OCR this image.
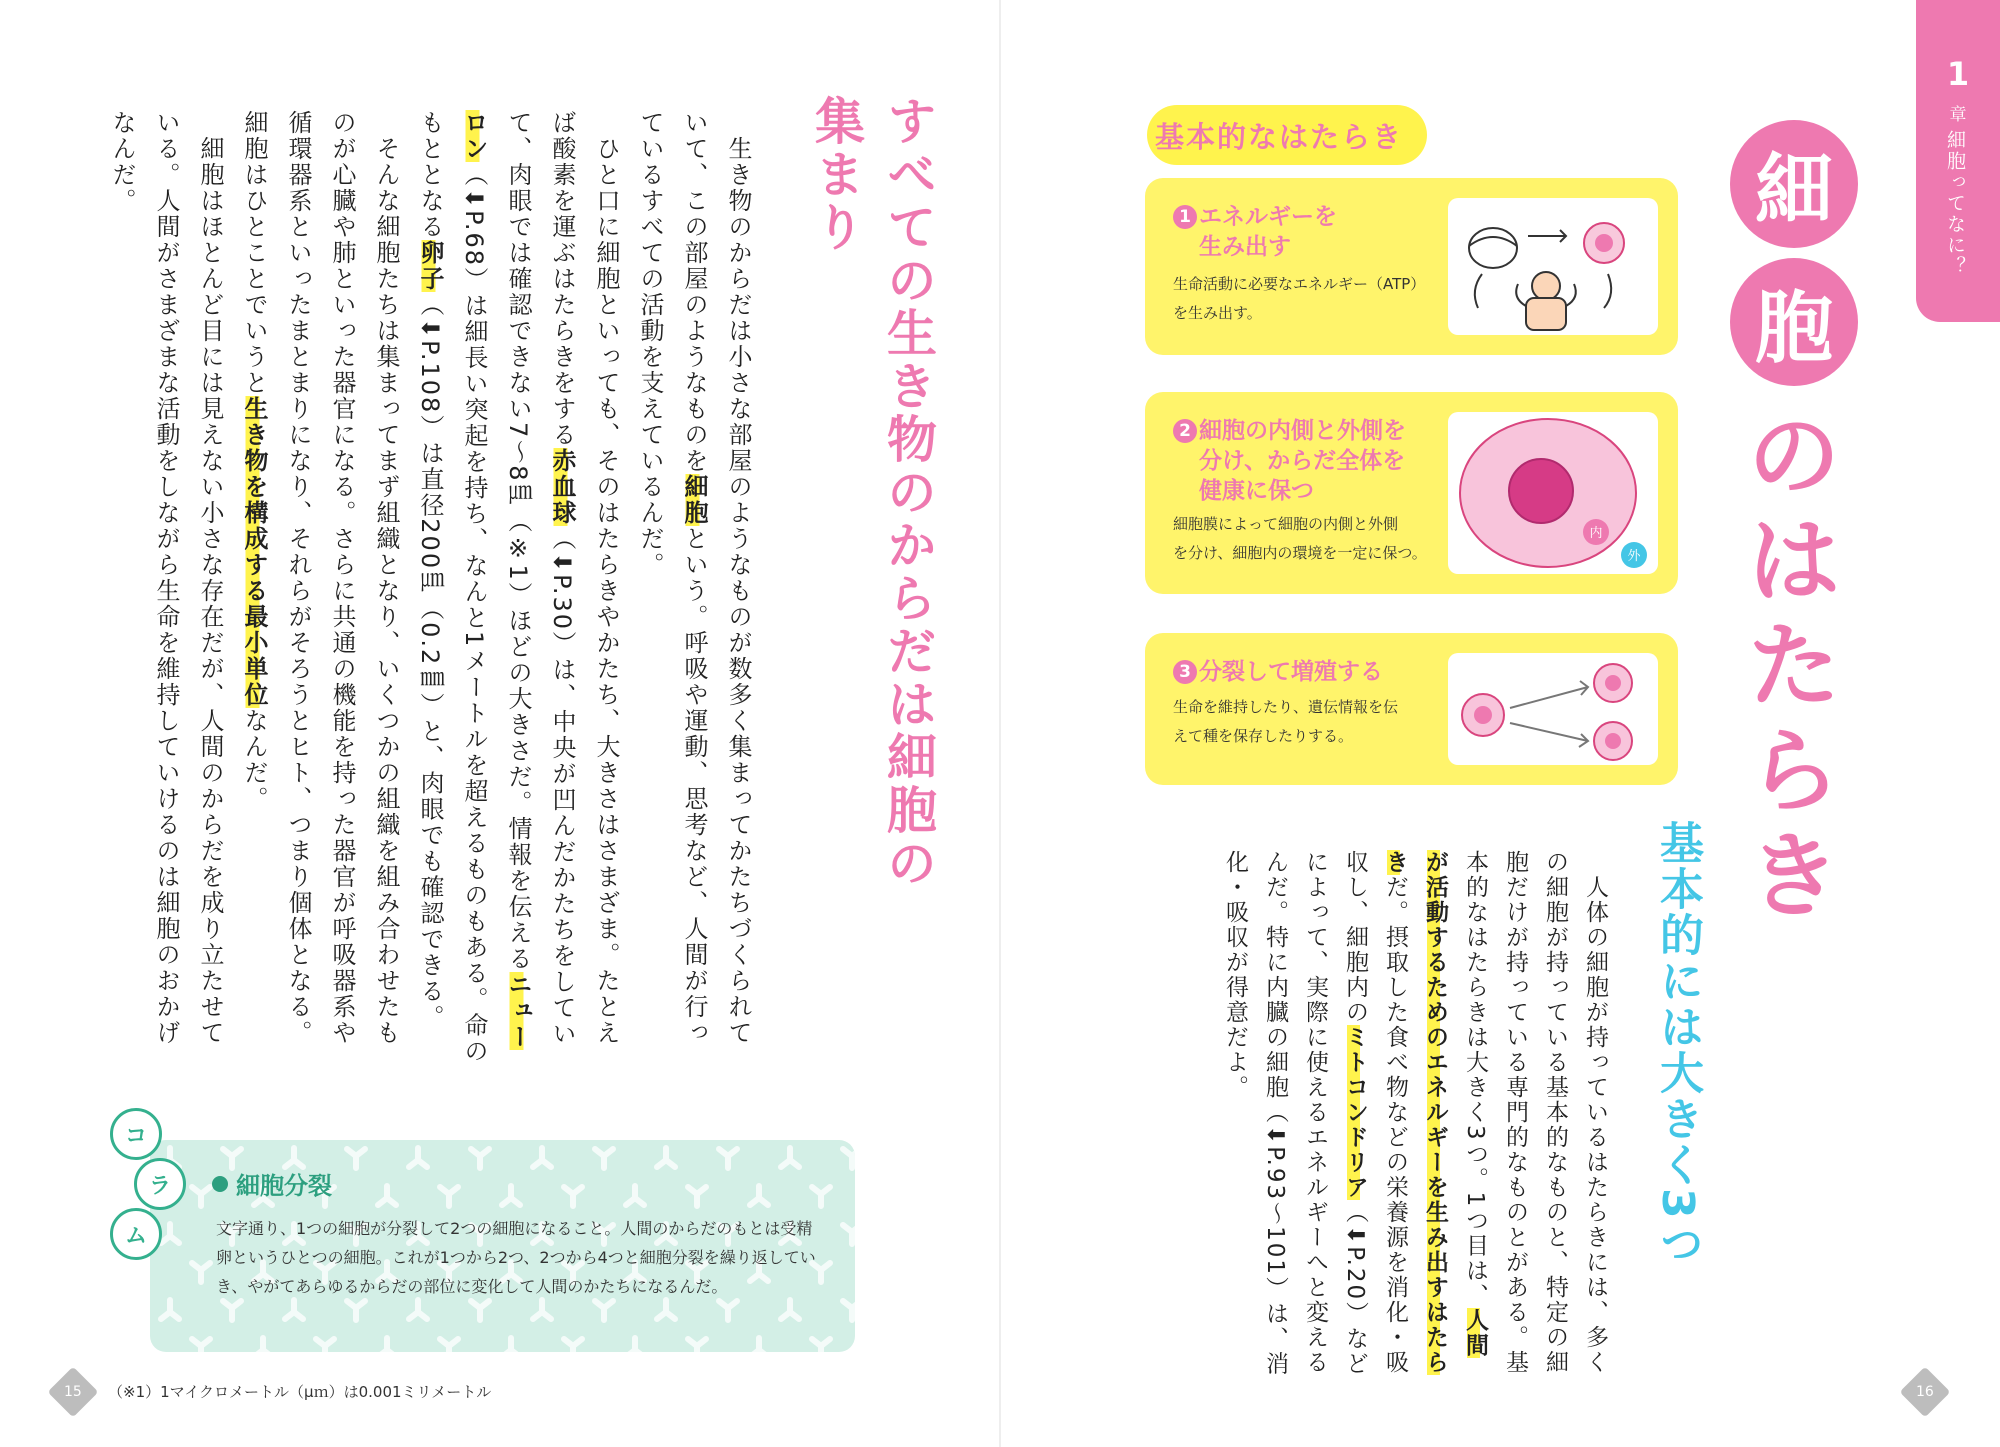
すべての生き物のからだは細胞の集まり
　生き物のからだは小さな部屋のようなものが数多く集まってかたちづくられていて、この部屋のようなものを細胞という。呼吸や運動、思考など、人間が行っているすべての活動を支えているんだ。
　ひと口に細胞といっても、そのはたらきやかたち、大きさはさまざま。たとえば酸素を運ぶはたらきをする赤血球（⬇P.30）は、中央が凹んだかたちをしていて、肉眼では確認できない7～8㎛（※1）ほどの大きさだ。情報を伝えるニューロン（⬇P.68）は細長い突起を持ち、なんと1メートルを超えるものもある。命のもととなる卵子（⬇P.108）は直径200㎛（0.2㎜）と、肉眼でも確認できる。
　そんな細胞たちは集まってまず組織となり、いくつかの組織を組み合わせたものが心臓や肺といった器官になる。さらに共通の機能を持った器官が呼吸器系や循環器系といったまとまりになり、それらがそろうとヒト、つまり個体となる。細胞はひとことでいうと生き物を構成する最小単位なんだ。
　細胞はほとんど目には見えない小さな存在だが、人間のからだを成り立たせている。人間がさまざまな活動をしながら生命を維持していけるのは細胞のおかげなんだ。
細胞分裂
文字通り、1つの細胞が分裂して2つの細胞になること。人間のからだのもとは受精卵というひとつの細胞。これが1つから2つ、2つから4つと細胞分裂を繰り返していき、やがてあらゆるからだの部位に変化して人間のかたちになるんだ。
コ
ラ
ム
15 （※1）1マイクロメートル（μｍ）は0.001ミリメートル
1
章
細胞ってなに？
細
胞
の
は
た
ら
き
基本的なはたらき
1 エネルギーを
生み出す
生命活動に必要なエネルギー（ATP）
を生み出す。
2 細胞の内側と外側を
分け、からだ全体を
健康に保つ
細胞膜によって細胞の内側と外側
を分け、細胞内の環境を一定に保つ。
内
外
3 分裂して増殖する
生命を維持したり、遺伝情報を伝
えて種を保存したりする。
基本的には大きく3つ
　人体の細胞が持っているはたらきには、多くの細胞が持っている基本的なものと、特定の細胞だけが持っている専門的なものとがある。基本的なはたらきは大きく3つ。1つ目は、人間が活動するためのエネルギーを生み出すはたらきだ。摂取した食べ物などの栄養源を消化・吸収し、細胞内のミトコンドリア（⬇P.20）などによって、実際に使えるエネルギーへと変えるんだ。特に内臓の細胞（⬇P.93～101）は、消化・吸収が得意だよ。
16
